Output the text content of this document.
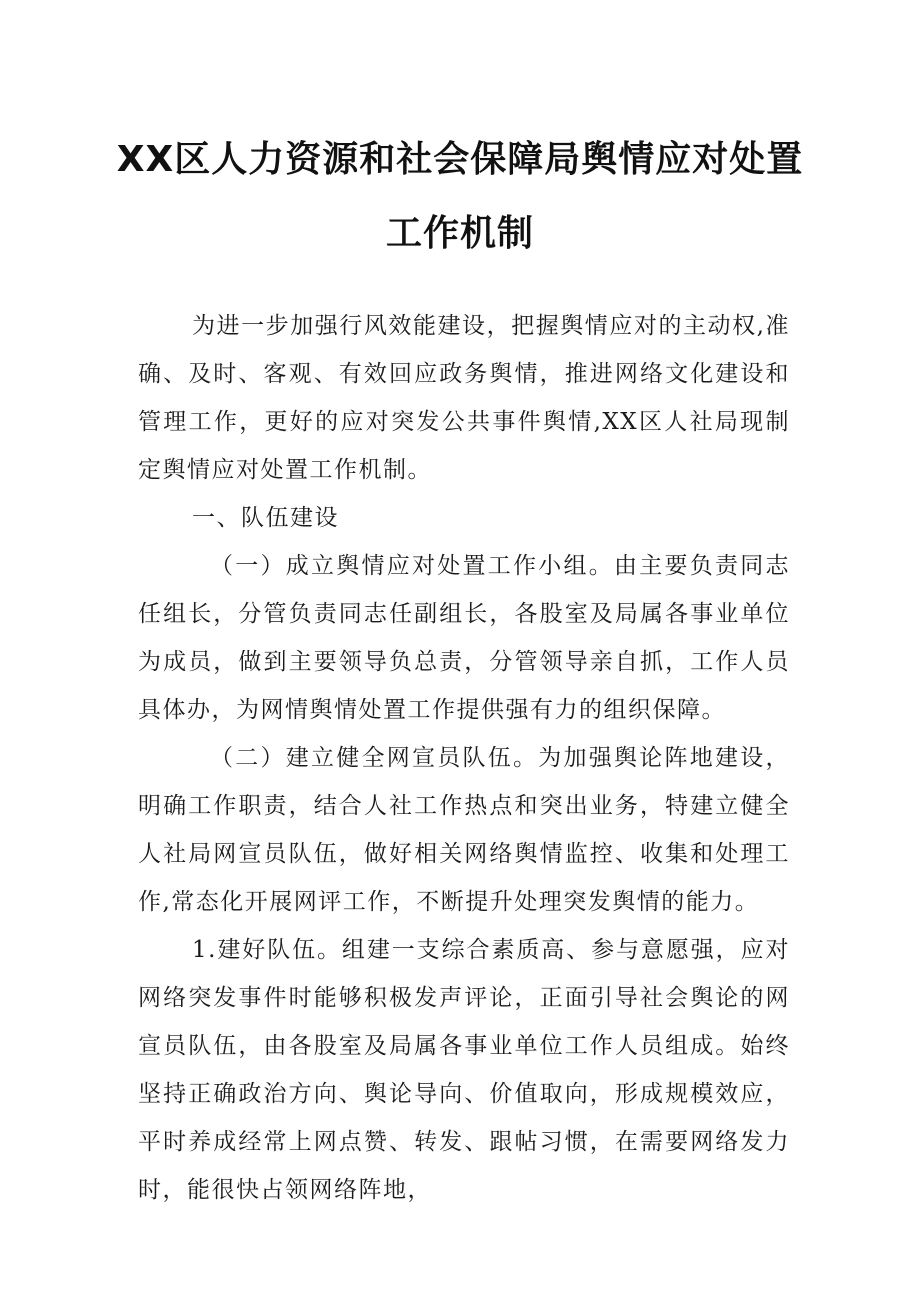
XX区人力资源和社会保障局舆情应对处置
工作机制

为进一步加强行风效能建设，把握舆情应对的主动权,准确、及时、客观、有效回应政务舆情，推进网络文化建设和管理工作，更好的应对突发公共事件舆情,XX区人社局现制定舆情应对处置工作机制。

一、队伍建设

（一）成立舆情应对处置工作小组。由主要负责同志任组长，分管负责同志任副组长，各股室及局属各事业单位为成员，做到主要领导负总责，分管领导亲自抓，工作人员具体办，为网情舆情处置工作提供强有力的组织保障。

（二）建立健全网宣员队伍。为加强舆论阵地建设，明确工作职责，结合人社工作热点和突出业务，特建立健全人社局网宣员队伍，做好相关网络舆情监控、收集和处理工作,常态化开展网评工作，不断提升处理突发舆情的能力。

1.建好队伍。组建一支综合素质高、参与意愿强，应对网络突发事件时能够积极发声评论，正面引导社会舆论的网宣员队伍，由各股室及局属各事业单位工作人员组成。始终坚持正确政治方向、舆论导向、价值取向，形成规模效应，平时养成经常上网点赞、转发、跟帖习惯，在需要网络发力时，能很快占领网络阵地，
